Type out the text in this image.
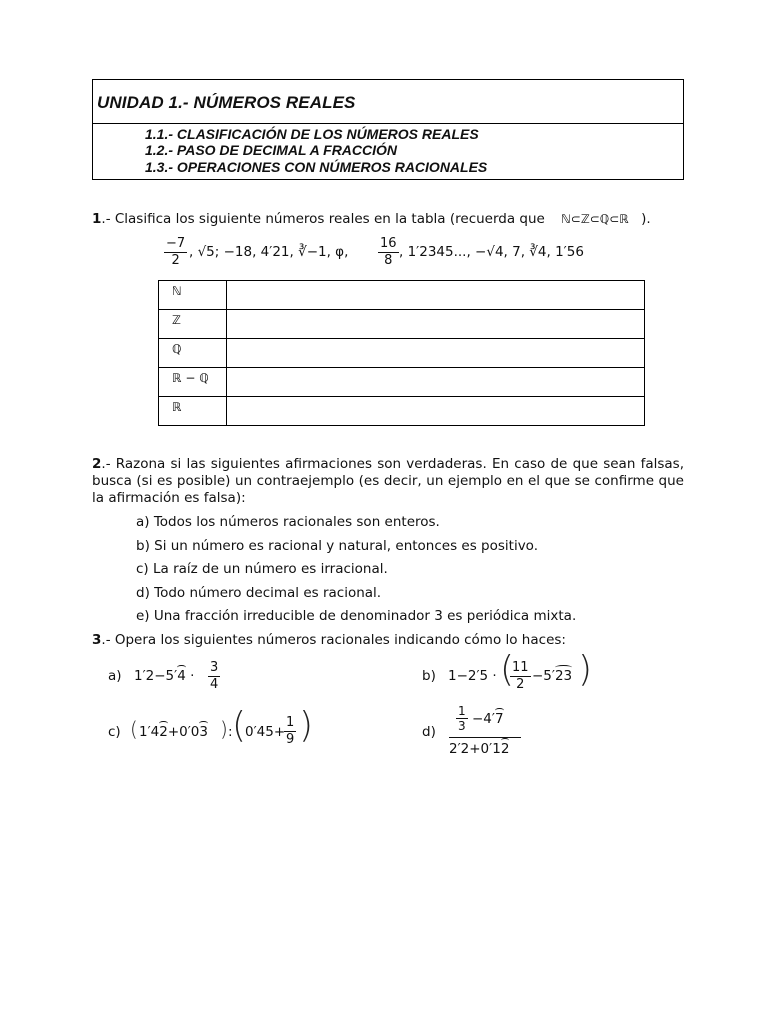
UNIDAD 1.- NÚMEROS REALES
1.1.- CLASIFICACIÓN DE LOS NÚMEROS REALES
1.2.- PASO DE DECIMAL A FRACCIÓN
1.3.- OPERACIONES CON NÚMEROS RACIONALES
1.- Clasifica los siguiente números reales en la tabla (recuerda que ℕ⊂ℤ⊂ℚ⊂ℝ ).
$\frac{-7}{2}$ , √5; −18, 4′21, ∛−1, φ, $\frac{16}{8}$ , 1′2345..., −√4, 7, ∛4, 1′56
ℕ	
ℤ	
ℚ	
ℝ − ℚ	
ℝ	
2.- Razona si las siguientes afirmaciones son verdaderas. En caso de que sean falsas, busca (si es posible) un contraejemplo (es decir, un ejemplo en el que se confirme que la afirmación es falsa):
a) Todos los números racionales son enteros.
b) Si un número es racional y natural, entonces es positivo.
c) La raíz de un número es irracional.
d) Todo número decimal es racional.
e) Una fracción irreducible de denominador 3 es periódica mixta.
3.- Opera los siguientes números racionales indicando cómo lo haces:
a) $1'2-5'4 \cdot \frac{3}{4}$	b) 1−2′5 · (
$\frac{11}{2} -5'23$ )
c) ( 1′42+0′03 ) : (
0′45+
$\frac{1}{9}$ )	$d) \frac{1}{3} -4'7$
2′2+0′12
